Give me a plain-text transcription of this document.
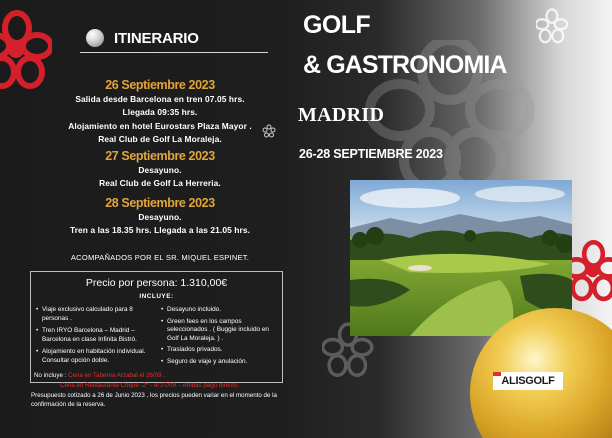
ITINERARIO
26 Septiembre 2023
Salida desde Barcelona en tren 07.05 hrs.
Llegada 09:35 hrs.
Alojamiento en hotel Eurostars Plaza Mayor .
Real Club de Golf La Moraleja.
27 Septiembre 2023
Desayuno.
Real Club de Golf La Herreria.
28 Septiembre 2023
Desayuno.
Tren a las 18.35 hrs. Llegada a las 21.05 hrs.
ACOMPAÑADOS POR EL SR. MIQUEL ESPINET.
Precio por persona: 1.310,00€
INCLUYE:
• Viaje exclusivo calculado para 8 personas .
• Tren IRYO Barcelona – Madrid – Barcelona en clase Infinita Bistró.
• Alojamiento en habitación individual. Consultar opción doble.
• Desayuno incluido.
• Green fees en los campos seleccionados . ( Buggie incluido en Golf La Moraleja. ) .
• Traslados privados.
• Seguro de viaje y anulación.
No incluye : Cena en Taberna Arzabal el 26/09 .
Cena en Restaurante Coque -2* - el 27/09 – Ambas pago directo.
Presupuesto cotizado a 26 de Junio 2023 , los precios pueden variar en el momento de la confirmación de la reserva.
GOLF
& GASTRONOMIA
MADRID
26-28 SEPTIEMBRE 2023
ALISGOLF
